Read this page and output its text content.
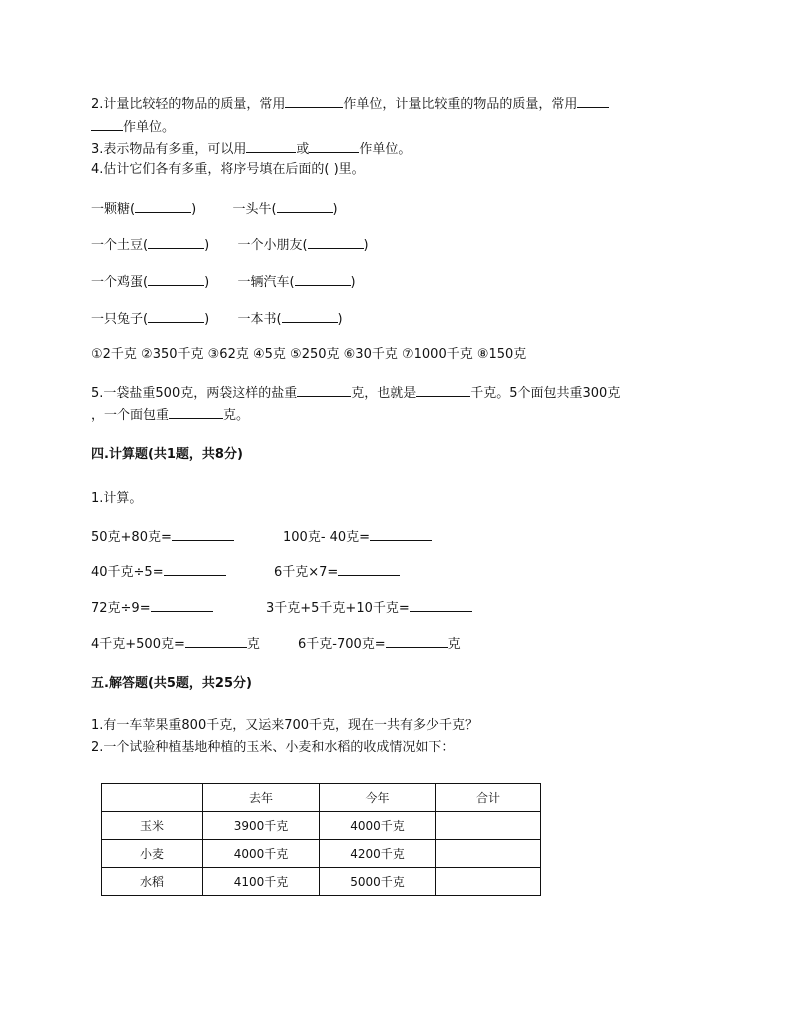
2.计量比较轻的物品的质量，常用	作单位，计量比较重的物品的质量，常用
作单位。
3.表示物品有多重，可以用	或	作单位。
4.估计它们各有多重，将序号填在后面的( )里。
一颗糖(	)	一头牛(	)
一个土豆(	) 一个小朋友(	)
一个鸡蛋(	) 一辆汽车(	)
一只兔子(	) 一本书(	)
①2千克 ②350千克 ③62克 ④5克 ⑤250克 ⑥30千克 ⑦1000千克 ⑧150克
5.一袋盐重500克，两袋这样的盐重	克，也就是	千克。5个面包共重300克
，一个面包重	克。
四.计算题(共1题，共8分)
1.计算。
50克+80克=	100克- 40克=
40千克÷5=	6千克×7=
72克÷9=	3千克+5千克+10千克=
4千克+500克=	克	6千克-700克=	克
五.解答题(共5题，共25分)
1.有一车苹果重800千克，又运来700千克，现在一共有多少千克？
2.一个试验种植基地种植的玉米、小麦和水稻的收成情况如下：
	去年	今年	合计
玉米	3900千克	4000千克	
小麦	4000千克	4200千克	
水稻	4100千克	5000千克	
